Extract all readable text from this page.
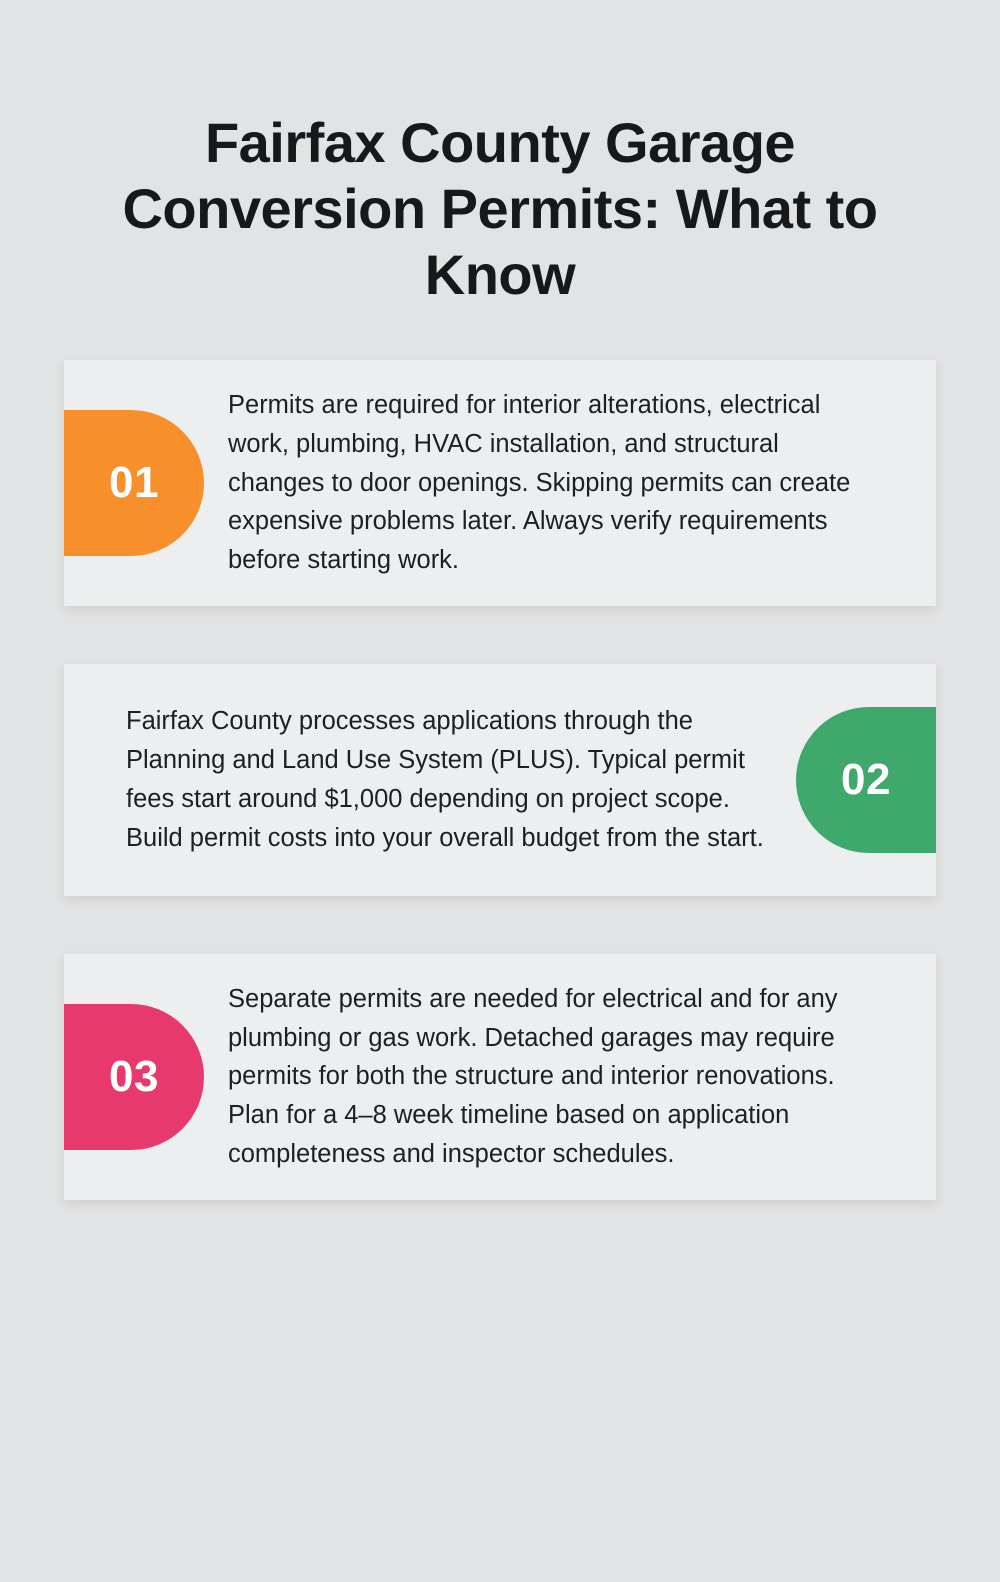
Fairfax County Garage Conversion Permits: What to Know
01
Permits are required for interior alterations, electrical work, plumbing, HVAC installation, and structural changes to door openings. Skipping permits can create expensive problems later. Always verify requirements before starting work.
Fairfax County processes applications through the Planning and Land Use System (PLUS). Typical permit fees start around $1,000 depending on project scope. Build permit costs into your overall budget from the start.
02
03
Separate permits are needed for electrical and for any plumbing or gas work. Detached garages may require permits for both the structure and interior renovations. Plan for a 4–8 week timeline based on application completeness and inspector schedules.
